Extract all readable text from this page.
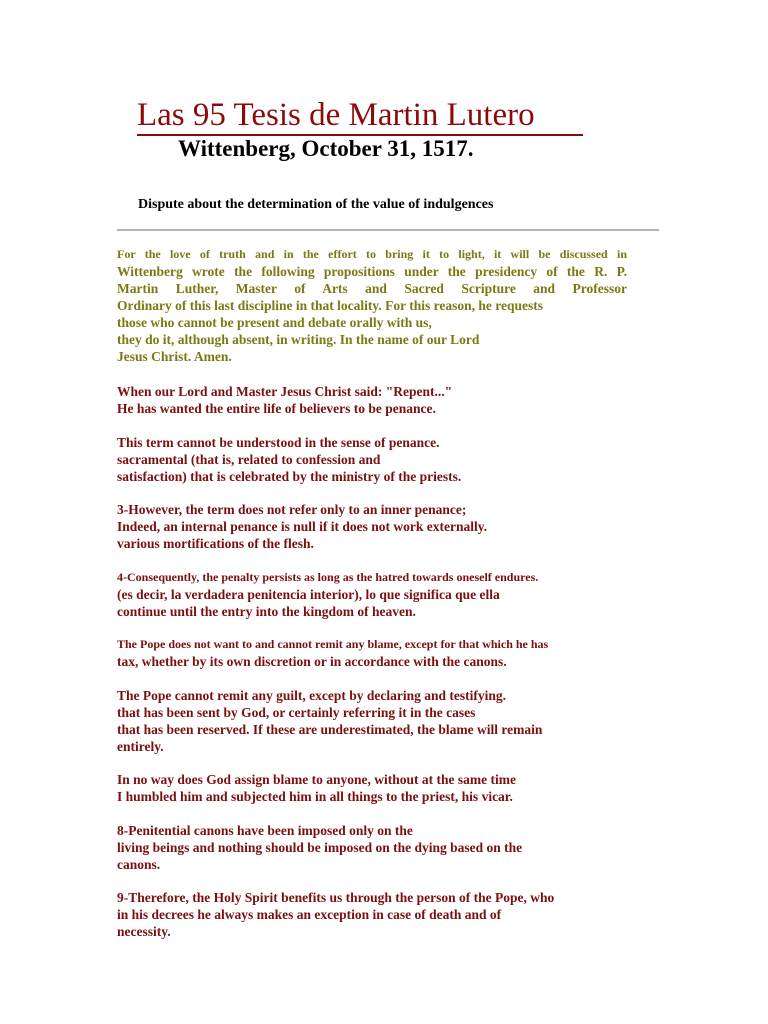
Las 95 Tesis de Martin Lutero
Wittenberg, October 31, 1517.
Dispute about the determination of the value of indulgences
For the love of truth and in the effort to bring it to light, it will be discussed in
Wittenberg wrote the following propositions under the presidency of the R. P.
Martin Luther, Master of Arts and Sacred Scripture and Professor
Ordinary of this last discipline in that locality. For this reason, he requests
those who cannot be present and debate orally with us,
they do it, although absent, in writing. In the name of our Lord
Jesus Christ. Amen.
When our Lord and Master Jesus Christ said: "Repent..."
He has wanted the entire life of believers to be penance.
This term cannot be understood in the sense of penance.
sacramental (that is, related to confession and
satisfaction) that is celebrated by the ministry of the priests.
3-However, the term does not refer only to an inner penance;
Indeed, an internal penance is null if it does not work externally.
various mortifications of the flesh.
4-Consequently, the penalty persists as long as the hatred towards oneself endures.
(es decir, la verdadera penitencia interior), lo que significa que ella
continue until the entry into the kingdom of heaven.
The Pope does not want to and cannot remit any blame, except for that which he has
tax, whether by its own discretion or in accordance with the canons.
The Pope cannot remit any guilt, except by declaring and testifying.
that has been sent by God, or certainly referring it in the cases
that has been reserved. If these are underestimated, the blame will remain
entirely.
In no way does God assign blame to anyone, without at the same time
I humbled him and subjected him in all things to the priest, his vicar.
8-Penitential canons have been imposed only on the
living beings and nothing should be imposed on the dying based on the
canons.
9-Therefore, the Holy Spirit benefits us through the person of the Pope, who
in his decrees he always makes an exception in case of death and of
necessity.
